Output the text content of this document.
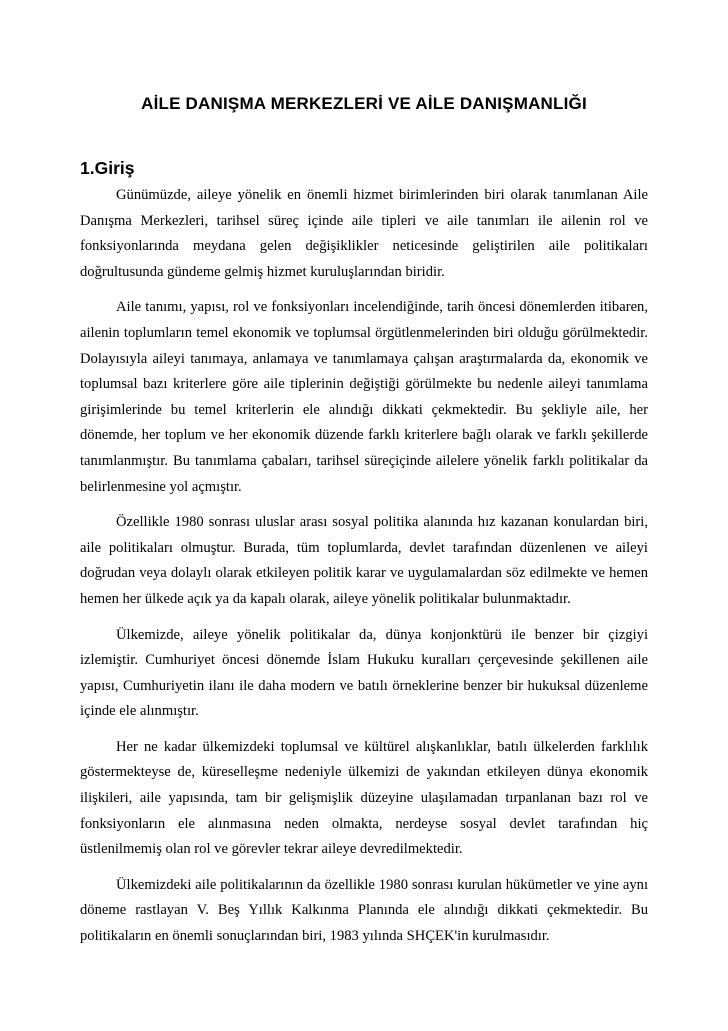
AİLE DANIŞMA MERKEZLERİ VE AİLE DANIŞMANLIĞI
1.Giriş

Günümüzde, aileye yönelik en önemli hizmet birimlerinden biri olarak tanımlanan Aile Danışma Merkezleri, tarihsel süreç içinde aile tipleri ve aile tanımları ile ailenin rol ve fonksiyonlarında meydana gelen değişiklikler neticesinde geliştirilen aile politikaları doğrultusunda gündeme gelmiş hizmet kuruluşlarından biridir.

Aile tanımı, yapısı, rol ve fonksiyonları incelendiğinde, tarih öncesi dönemlerden itibaren, ailenin toplumların temel ekonomik ve toplumsal örgütlenmelerinden biri olduğu görülmektedir. Dolayısıyla aileyi tanımaya, anlamaya ve tanımlamaya çalışan araştırmalarda da, ekonomik ve toplumsal bazı kriterlere göre aile tiplerinin değiştiği görülmekte bu nedenle aileyi tanımlama girişimlerinde bu temel kriterlerin ele alındığı dikkati çekmektedir. Bu şekliyle aile, her dönemde, her toplum ve her ekonomik düzende farklı kriterlere bağlı olarak ve farklı şekillerde tanımlanmıştır. Bu tanımlama çabaları, tarihsel süreçiçinde ailelere yönelik farklı politikalar da belirlenmesine yol açmıştır.

Özellikle 1980 sonrası uluslar arası sosyal politika alanında hız kazanan konulardan biri, aile politikaları olmuştur. Burada, tüm toplumlarda, devlet tarafından düzenlenen ve aileyi doğrudan veya dolaylı olarak etkileyen politik karar ve uygulamalardan söz edilmekte ve hemen hemen her ülkede açık ya da kapalı olarak, aileye yönelik politikalar bulunmaktadır.

Ülkemizde, aileye yönelik politikalar da, dünya konjonktürü ile benzer bir çizgiyi izlemiştir. Cumhuriyet öncesi dönemde İslam Hukuku kuralları çerçevesinde şekillenen aile yapısı, Cumhuriyetin ilanı ile daha modern ve batılı örneklerine benzer bir hukuksal düzenleme içinde ele alınmıştır.

Her ne kadar ülkemizdeki toplumsal ve kültürel alışkanlıklar, batılı ülkelerden farklılık göstermekteyse de, küreselleşme nedeniyle ülkemizi de yakından etkileyen dünya ekonomik ilişkileri, aile yapısında, tam bir gelişmişlik düzeyine ulaşılamadan tırpanlanan bazı rol ve fonksiyonların ele alınmasına neden olmakta, nerdeyse sosyal devlet tarafından hiç üstlenilmemiş olan rol ve görevler tekrar aileye devredilmektedir.

Ülkemizdeki aile politikalarının da özellikle 1980 sonrası kurulan hükümetler ve yine aynı döneme rastlayan V. Beş Yıllık Kalkınma Planında ele alındığı dikkati çekmektedir. Bu politikaların en önemli sonuçlarından biri, 1983 yılında SHÇEK'in kurulmasıdır.
